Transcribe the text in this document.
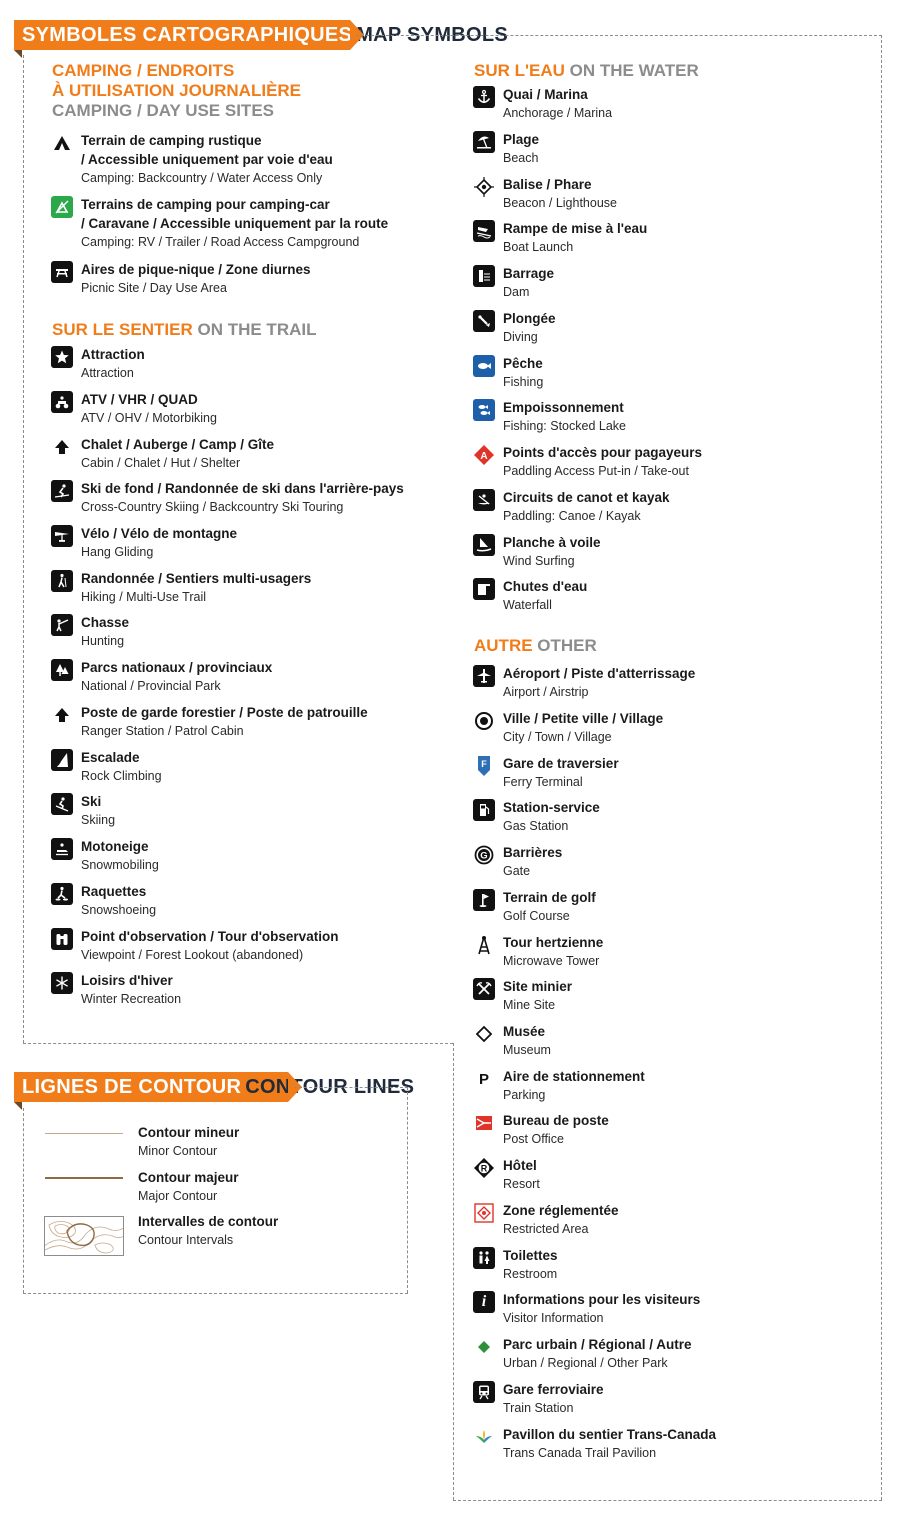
SYMBOLES CARTOGRAPHIQUES MAP SYMBOLS
CAMPING / ENDROITS
À UTILISATION JOURNALIÈRE
CAMPING / DAY USE SITES
Terrain de camping rustique
/ Accessible uniquement par voie d'eau
Camping: Backcountry / Water Access Only
Terrains de camping pour camping-car
/ Caravane / Accessible uniquement par la route
Camping: RV / Trailer / Road Access Campground
Aires de pique-nique / Zone diurnes
Picnic Site / Day Use Area
SUR LE SENTIER ON THE TRAIL
Attraction
Attraction
ATV / VHR / QUAD
ATV / OHV / Motorbiking
Chalet / Auberge / Camp / Gîte
Cabin / Chalet / Hut / Shelter
Ski de fond / Randonnée de ski dans l'arrière-pays
Cross-Country Skiing / Backcountry Ski Touring
Vélo / Vélo de montagne
Hang Gliding
Randonnée / Sentiers multi-usagers
Hiking / Multi-Use Trail
Chasse
Hunting
Parcs nationaux / provinciaux
National / Provincial Park
Poste de garde forestier / Poste de patrouille
Ranger Station / Patrol Cabin
Escalade
Rock Climbing
Ski
Skiing
Motoneige
Snowmobiling
Raquettes
Snowshoeing
Point d'observation / Tour d'observation
Viewpoint / Forest Lookout (abandoned)
Loisirs d'hiver
Winter Recreation
SUR L'EAU ON THE WATER
Quai / Marina
Anchorage / Marina
Plage
Beach
Balise / Phare
Beacon / Lighthouse
Rampe de mise à l'eau
Boat Launch
Barrage
Dam
Plongée
Diving
Pêche
Fishing
Empoissonnement
Fishing: Stocked Lake
A Points d'accès pour pagayeurs
Paddling Access Put-in / Take-out
Circuits de canot et kayak
Paddling: Canoe / Kayak
Planche à voile
Wind Surfing
Chutes d'eau
Waterfall
AUTRE OTHER
Aéroport / Piste d'atterrissage
Airport / Airstrip
Ville / Petite ville / Village
City / Town / Village
F Gare de traversier
Ferry Terminal
Station-service
Gas Station
G Barrières
Gate
Terrain de golf
Golf Course
Tour hertzienne
Microwave Tower
Site minier
Mine Site
Musée
Museum
P Aire de stationnement
Parking
Bureau de poste
Post Office
R Hôtel
Resort
Zone réglementée
Restricted Area
Toilettes
Restroom
i Informations pour les visiteurs
Visitor Information
Parc urbain / Régional / Autre
Urban / Regional / Other Park
Gare ferroviaire
Train Station
Pavillon du sentier Trans-Canada
Trans Canada Trail Pavilion
LIGNES DE CONTOUR CONTOUR LINES
Contour mineur
Minor Contour
Contour majeur
Major Contour
Intervalles de contour
Contour Intervals
